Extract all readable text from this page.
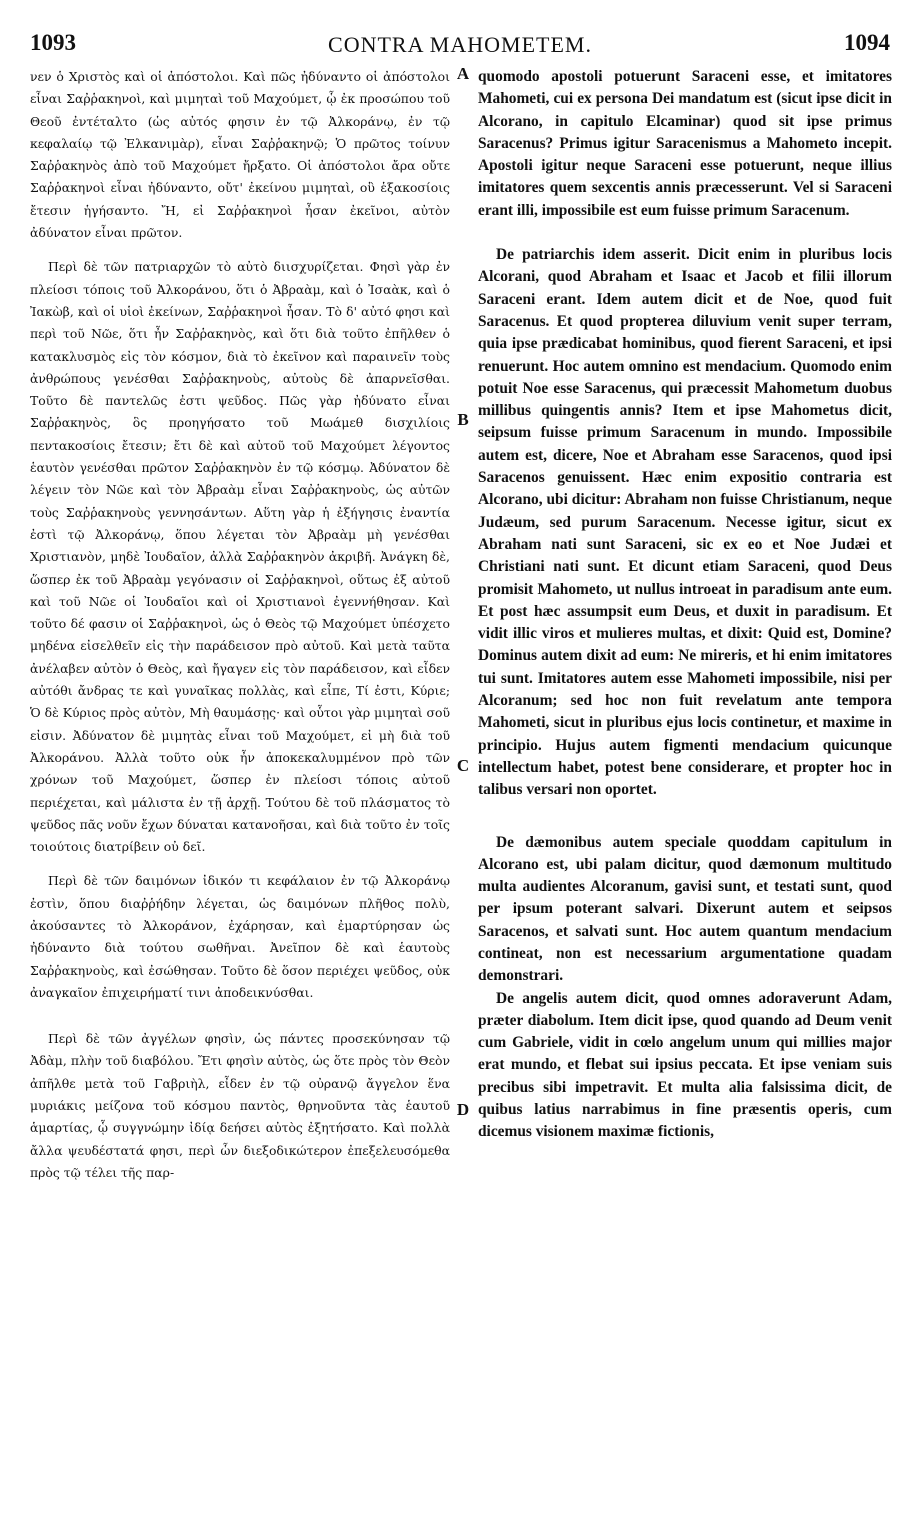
1093	CONTRA MAHOMETEM.	1094

νεν ὁ Χριστὸς καὶ οἱ ἀπόστολοι. Καὶ πῶς ἠδύναντο οἱ ἀπόστολοι εἶναι Σαῤῥακηνοὶ, καὶ μιμηταὶ τοῦ Μαχούμετ, ᾧ ἐκ προσώπου τοῦ Θεοῦ ἐντέταλτο (ὡς αὐτός φησιν ἐν τῷ Ἀλκοράνῳ, ἐν τῷ κεφαλαίῳ τῷ Ἐλκανιμὰρ), εἶναι Σαῤῥακηνῷ; Ὁ πρῶτος τοίνυν Σαῤῥακηνὸς ἀπὸ τοῦ Μαχούμετ ἤρξατο. Οἱ ἀπόστολοι ἄρα οὔτε Σαῤῥακηνοὶ εἶναι ἠδύναντο, οὔτ' ἐκείνου μιμηταὶ, οὓ ἑξακοσίοις ἔτεσιν ἡγήσαντο. Ἤ, εἰ Σαῤῥακηνοὶ ἦσαν ἐκεῖνοι, αὐτὸν ἀδύνατον εἶναι πρῶτον.

Περὶ δὲ τῶν πατριαρχῶν τὸ αὐτὸ διισχυρίζεται. Φησὶ γὰρ ἐν πλείοσι τόποις τοῦ Ἀλκοράνου, ὅτι ὁ Ἀβραὰμ, καὶ ὁ Ἰσαὰκ, καὶ ὁ Ἰακὼβ, καὶ οἱ υἱοὶ ἐκείνων, Σαῤῥακηνοὶ ἦσαν. Τὸ δ' αὐτό φησι καὶ περὶ τοῦ Νῶε, ὅτι ἦν Σαῤῥακηνὸς, καὶ ὅτι διὰ τοῦτο ἐπῆλθεν ὁ κατακλυσμὸς εἰς τὸν κόσμον, διὰ τὸ ἐκεῖνον καὶ παραινεῖν τοὺς ἀνθρώπους γενέσθαι Σαῤῥακηνοὺς, αὐτοὺς δὲ ἀπαρνεῖσθαι. Τοῦτο δὲ παντελῶς ἐστι ψεῦδος. Πῶς γὰρ ἠδύνατο εἶναι Σαῤῥακηνὸς, ὃς προηγήσατο τοῦ Μωάμεθ δισχιλίοις πεντακοσίοις ἔτεσιν; ἔτι δὲ καὶ αὐτοῦ τοῦ Μαχούμετ λέγοντος ἑαυτὸν γενέσθαι πρῶτον Σαῤῥακηνὸν ἐν τῷ κόσμῳ. Ἀδύνατον δὲ λέγειν τὸν Νῶε καὶ τὸν Ἀβραὰμ εἶναι Σαῤῥακηνοὺς, ὡς αὐτῶν τοὺς Σαῤῥακηνοὺς γεννησάντων. Αὕτη γὰρ ἡ ἐξήγησις ἐναντία ἐστὶ τῷ Ἀλκοράνῳ, ὅπου λέγεται τὸν Ἀβραὰμ μὴ γενέσθαι Χριστιανὸν, μηδὲ Ἰουδαῖον, ἀλλὰ Σαῤῥακηνὸν ἀκριβῆ. Ἀνάγκη δὲ, ὥσπερ ἐκ τοῦ Ἀβραὰμ γεγόνασιν οἱ Σαῤῥακηνοὶ, οὕτως ἐξ αὐτοῦ καὶ τοῦ Νῶε οἱ Ἰουδαῖοι καὶ οἱ Χριστιανοὶ ἐγεννήθησαν. Καὶ τοῦτο δέ φασιν οἱ Σαῤῥακηνοὶ, ὡς ὁ Θεὸς τῷ Μαχούμετ ὑπέσχετο μηδένα εἰσελθεῖν εἰς τὴν παράδεισον πρὸ αὐτοῦ. Καὶ μετὰ ταῦτα ἀνέλαβεν αὐτὸν ὁ Θεὸς, καὶ ἤγαγεν εἰς τὸν παράδεισον, καὶ εἶδεν αὐτόθι ἄνδρας τε καὶ γυναῖκας πολλὰς, καὶ εἶπε, Τί ἐστι, Κύριε; Ὁ δὲ Κύριος πρὸς αὐτὸν, Μὴ θαυμάσῃς· καὶ οὗτοι γὰρ μιμηταὶ σοῦ εἰσιν. Ἀδύνατον δὲ μιμητὰς εἶναι τοῦ Μαχούμετ, εἰ μὴ διὰ τοῦ Ἀλκοράνου. Ἀλλὰ τοῦτο οὐκ ἦν ἀποκεκαλυμμένον πρὸ τῶν χρόνων τοῦ Μαχούμετ, ὥσπερ ἐν πλείοσι τόποις αὐτοῦ περιέχεται, καὶ μάλιστα ἐν τῇ ἀρχῇ. Τούτου δὲ τοῦ πλάσματος τὸ ψεῦδος πᾶς νοῦν ἔχων δύναται κατανοῆσαι, καὶ διὰ τοῦτο ἐν τοῖς τοιούτοις διατρίβειν οὐ δεῖ.

Περὶ δὲ τῶν δαιμόνων ἰδικόν τι κεφάλαιον ἐν τῷ Ἀλκοράνῳ ἐστὶν, ὅπου διαῤῥήδην λέγεται, ὡς δαιμόνων πλῆθος πολὺ, ἀκούσαντες τὸ Ἀλκοράνον, ἐχάρησαν, καὶ ἐμαρτύρησαν ὡς ἠδύναντο διὰ τούτου σωθῆναι. Ἀνεῖπον δὲ καὶ ἑαυτοὺς Σαῤῥακηνοὺς, καὶ ἐσώθησαν. Τοῦτο δὲ ὅσον περιέχει ψεῦδος, οὐκ ἀναγκαῖον ἐπιχειρήματί τινι ἀποδεικνύσθαι.

Περὶ δὲ τῶν ἀγγέλων φησὶν, ὡς πάντες προσεκύνησαν τῷ Ἀδὰμ, πλὴν τοῦ διαβόλου. Ἔτι φησὶν αὐτὸς, ὡς ὅτε πρὸς τὸν Θεὸν ἀπῆλθε μετὰ τοῦ Γαβριὴλ, εἶδεν ἐν τῷ οὐρανῷ ἄγγελον ἕνα μυριάκις μείζονα τοῦ κόσμου παντὸς, θρηνοῦντα τὰς ἑαυτοῦ ἁμαρτίας, ᾧ συγγνώμην ἰδίᾳ δεήσει αὐτὸς ἐξητήσατο. Καὶ πολλὰ ἄλλα ψευδέστατά φησι, περὶ ὧν διεξοδικώτερον ἐπεξελευσόμεθα πρὸς τῷ τέλει τῆς παρ-

A
B
C
D

quomodo apostoli potuerunt Saraceni esse, et imitatores Mahometi, cui ex persona Dei mandatum est (sicut ipse dicit in Alcorano, in capitulo Elcaminar) quod sit ipse primus Saracenus? Primus igitur Saracenismus a Mahometo incepit. Apostoli igitur neque Saraceni esse potuerunt, neque illius imitatores quem sexcentis annis præcesserunt. Vel si Saraceni erant illi, impossibile est eum fuisse primum Saracenum.

De patriarchis idem asserit. Dicit enim in pluribus locis Alcorani, quod Abraham et Isaac et Jacob et filii illorum Saraceni erant. Idem autem dicit et de Noe, quod fuit Saracenus. Et quod propterea diluvium venit super terram, quia ipse prædicabat hominibus, quod fierent Saraceni, et ipsi renuerunt. Hoc autem omnino est mendacium. Quomodo enim potuit Noe esse Saracenus, qui præcessit Mahometum duobus millibus quingentis annis? Item et ipse Mahometus dicit, seipsum fuisse primum Saracenum in mundo. Impossibile autem est, dicere, Noe et Abraham esse Saracenos, quod ipsi Saracenos genuissent. Hæc enim expositio contraria est Alcorano, ubi dicitur: Abraham non fuisse Christianum, neque Judæum, sed purum Saracenum. Necesse igitur, sicut ex Abraham nati sunt Saraceni, sic ex eo et Noe Judæi et Christiani nati sunt. Et dicunt etiam Saraceni, quod Deus promisit Mahometo, ut nullus introeat in paradisum ante eum. Et post hæc assumpsit eum Deus, et duxit in paradisum. Et vidit illic viros et mulieres multas, et dixit: Quid est, Domine? Dominus autem dixit ad eum: Ne mireris, et hi enim imitatores tui sunt. Imitatores autem esse Mahometi impossibile, nisi per Alcoranum; sed hoc non fuit revelatum ante tempora Mahometi, sicut in pluribus ejus locis continetur, et maxime in principio. Hujus autem figmenti mendacium quicunque intellectum habet, potest bene considerare, et propter hoc in talibus versari non oportet.

De dæmonibus autem speciale quoddam capitulum in Alcorano est, ubi palam dicitur, quod dæmonum multitudo multa audientes Alcoranum, gavisi sunt, et testati sunt, quod per ipsum poterant salvari. Dixerunt autem et seipsos Saracenos, et salvati sunt. Hoc autem quantum mendacium contineat, non est necessarium argumentatione quadam demonstrari.

De angelis autem dicit, quod omnes adoraverunt Adam, præter diabolum. Item dicit ipse, quod quando ad Deum venit cum Gabriele, vidit in cœlo angelum unum qui millies major erat mundo, et flebat sui ipsius peccata. Et ipse veniam suis precibus sibi impetravit. Et multa alia falsissima dicit, de quibus latius narrabimus in fine præsentis operis, cum dicemus visionem maximæ fictionis,
